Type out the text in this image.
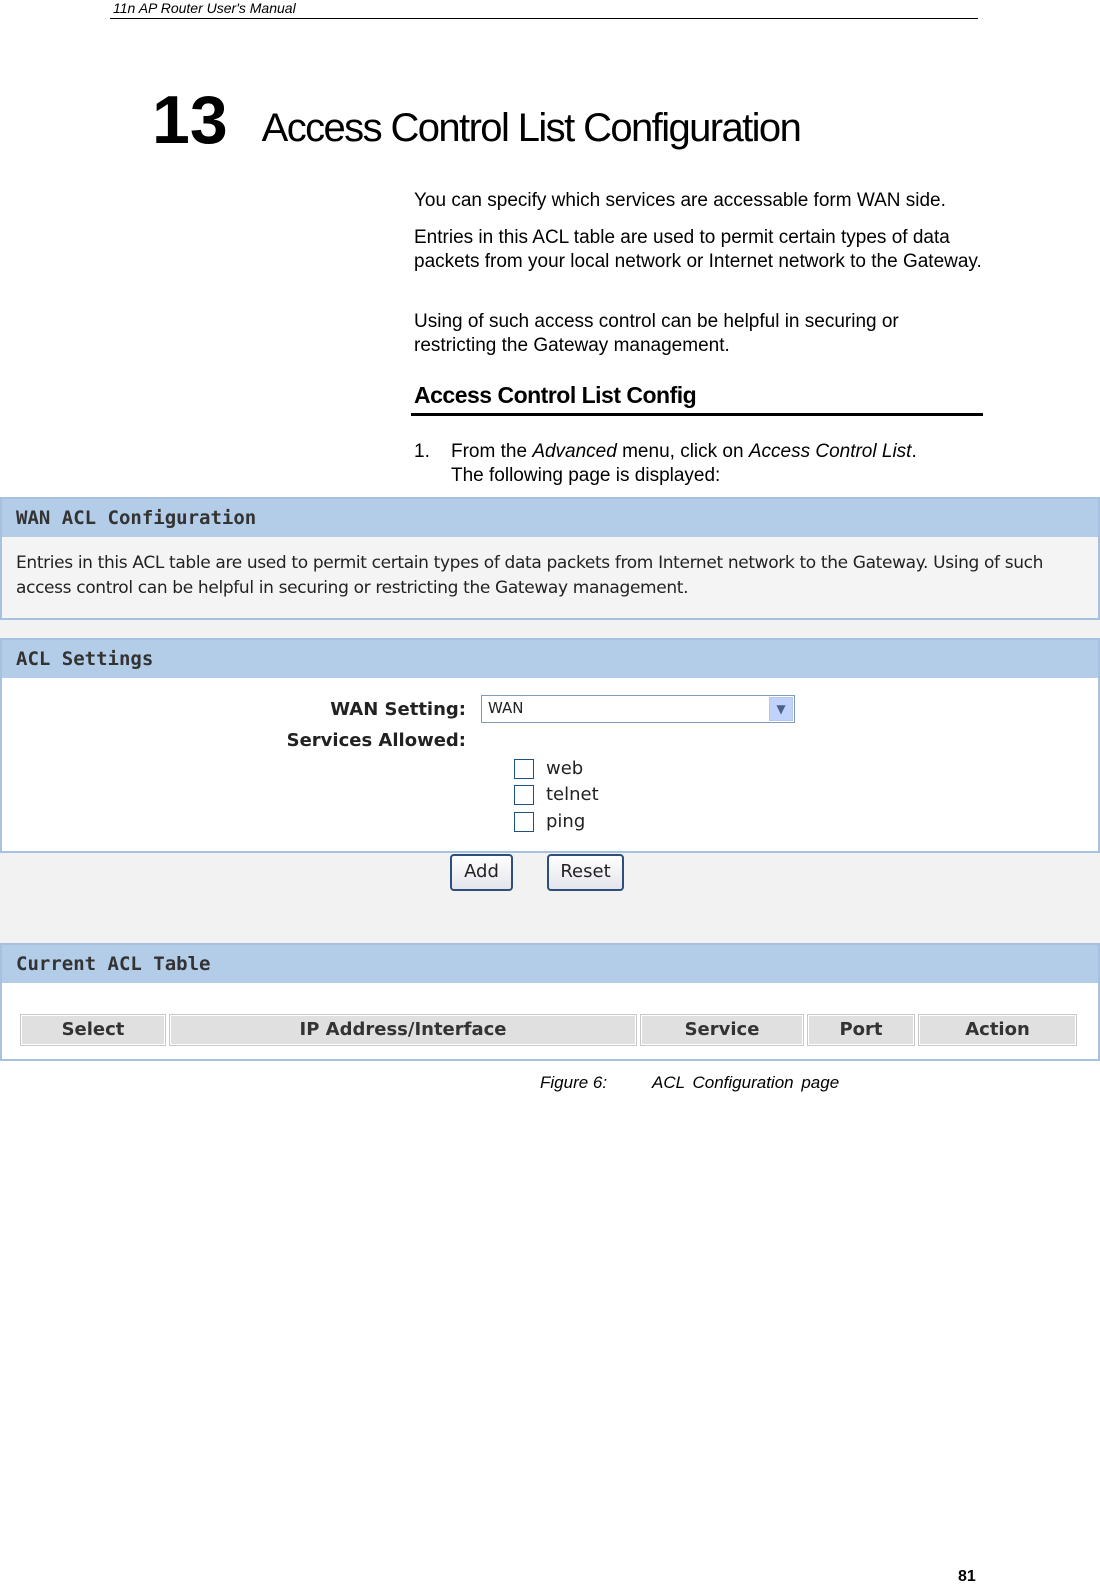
11n AP Router User's Manual
13 Access Control List Configuration

You can specify which services are accessable form WAN side.

Entries in this ACL table are used to permit certain types of data packets from your local network or Internet network to the Gateway.

Using of such access control can be helpful in securing or restricting the Gateway management.

Access Control List Config
1. From the Advanced menu, click on Access Control List.
The following page is displayed:
WAN ACL Configuration
Entries in this ACL table are used to permit certain types of data packets from Internet network to the Gateway. Using of such access control can be helpful in securing or restricting the Gateway management.
ACL Settings
WAN Setting: WAN	▼
Services Allowed:
web
telnet
ping
Add	Reset
Current ACL Table
Select	IP Address/Interface	Service	Port	Action
Figure 6:	ACL Configuration page
81
